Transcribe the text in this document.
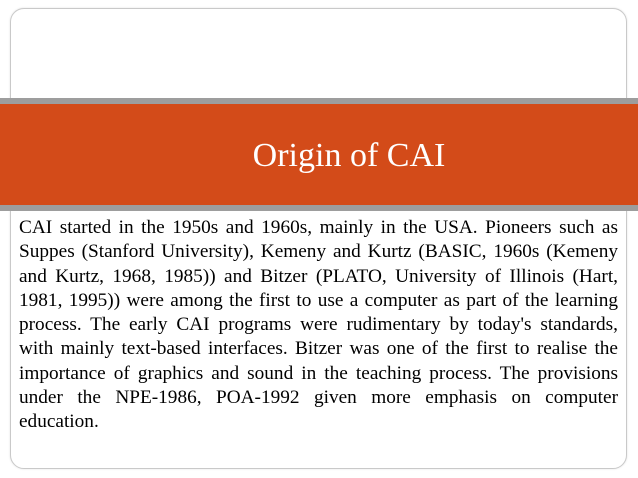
Origin of CAI
CAI started in the 1950s and 1960s, mainly in the USA. Pioneers such as Suppes (Stanford University), Kemeny and Kurtz (BASIC, 1960s (Kemeny and Kurtz, 1968, 1985)) and Bitzer (PLATO, University of Illinois (Hart, 1981, 1995)) were among the first to use a computer as part of the learning process. The early CAI programs were rudimentary by today's standards, with mainly text-based interfaces. Bitzer was one of the first to realise the importance of graphics and sound in the teaching process. The provisions under the NPE-1986, POA-1992 given more emphasis on computer education.
